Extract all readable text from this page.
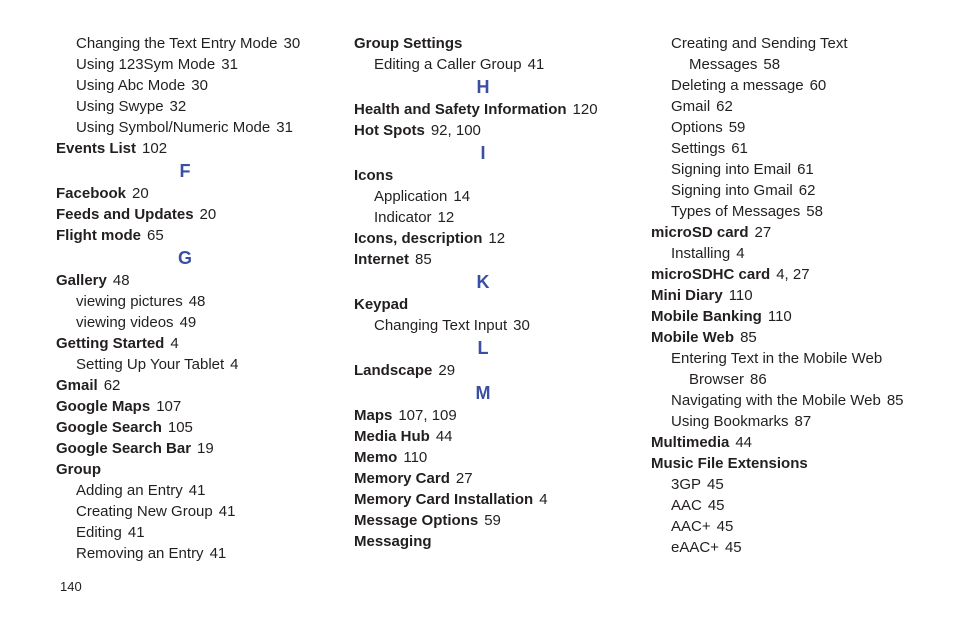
Changing the Text Entry Mode 30
Using 123Sym Mode 31
Using Abc Mode 30
Using Swype 32
Using Symbol/Numeric Mode 31
Events List 102
F
Facebook 20
Feeds and Updates 20
Flight mode 65
G
Gallery 48
viewing pictures 48
viewing videos 49
Getting Started 4
Setting Up Your Tablet 4
Gmail 62
Google Maps 107
Google Search 105
Google Search Bar 19
Group
Adding an Entry 41
Creating New Group 41
Editing 41
Removing an Entry 41
Group Settings
Editing a Caller Group 41
H
Health and Safety Information 120
Hot Spots 92, 100
I
Icons
Application 14
Indicator 12
Icons, description 12
Internet 85
K
Keypad
Changing Text Input 30
L
Landscape 29
M
Maps 107, 109
Media Hub 44
Memo 110
Memory Card 27
Memory Card Installation 4
Message Options 59
Messaging
Creating and Sending Text
Messages 58
Deleting a message 60
Gmail 62
Options 59
Settings 61
Signing into Email 61
Signing into Gmail 62
Types of Messages 58
microSD card 27
Installing 4
microSDHC card 4, 27
Mini Diary 110
Mobile Banking 110
Mobile Web 85
Entering Text in the Mobile Web
Browser 86
Navigating with the Mobile Web 85
Using Bookmarks 87
Multimedia 44
Music File Extensions
3GP 45
AAC 45
AAC+ 45
eAAC+ 45
140
